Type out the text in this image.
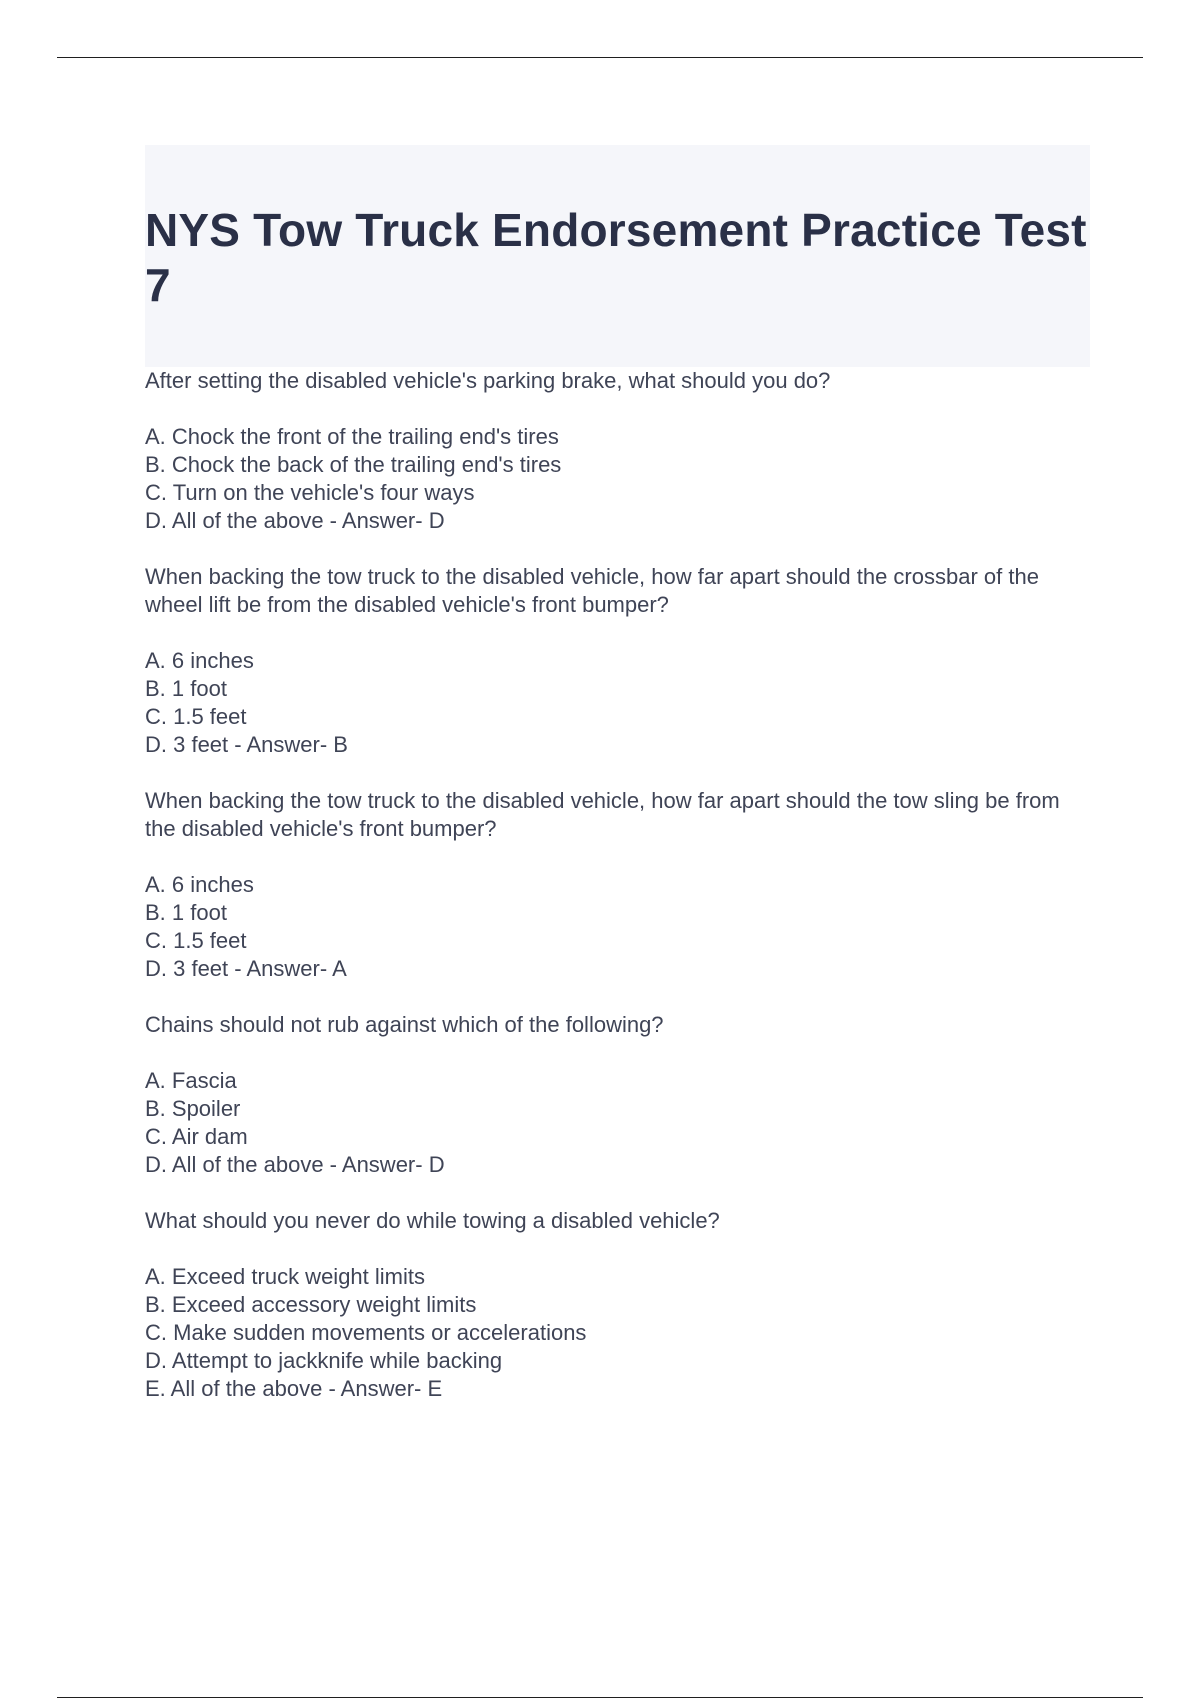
NYS Tow Truck Endorsement Practice Test 7

After setting the disabled vehicle's parking brake, what should you do?

A. Chock the front of the trailing end's tires
B. Chock the back of the trailing end's tires
C. Turn on the vehicle's four ways
D. All of the above - Answer- D

When backing the tow truck to the disabled vehicle, how far apart should the crossbar of the wheel lift be from the disabled vehicle's front bumper?

A. 6 inches
B. 1 foot
C. 1.5 feet
D. 3 feet - Answer- B

When backing the tow truck to the disabled vehicle, how far apart should the tow sling be from the disabled vehicle's front bumper?

A. 6 inches
B. 1 foot
C. 1.5 feet
D. 3 feet - Answer- A

Chains should not rub against which of the following?

A. Fascia
B. Spoiler
C. Air dam
D. All of the above - Answer- D

What should you never do while towing a disabled vehicle?

A. Exceed truck weight limits
B. Exceed accessory weight limits
C. Make sudden movements or accelerations
D. Attempt to jackknife while backing
E. All of the above - Answer- E
